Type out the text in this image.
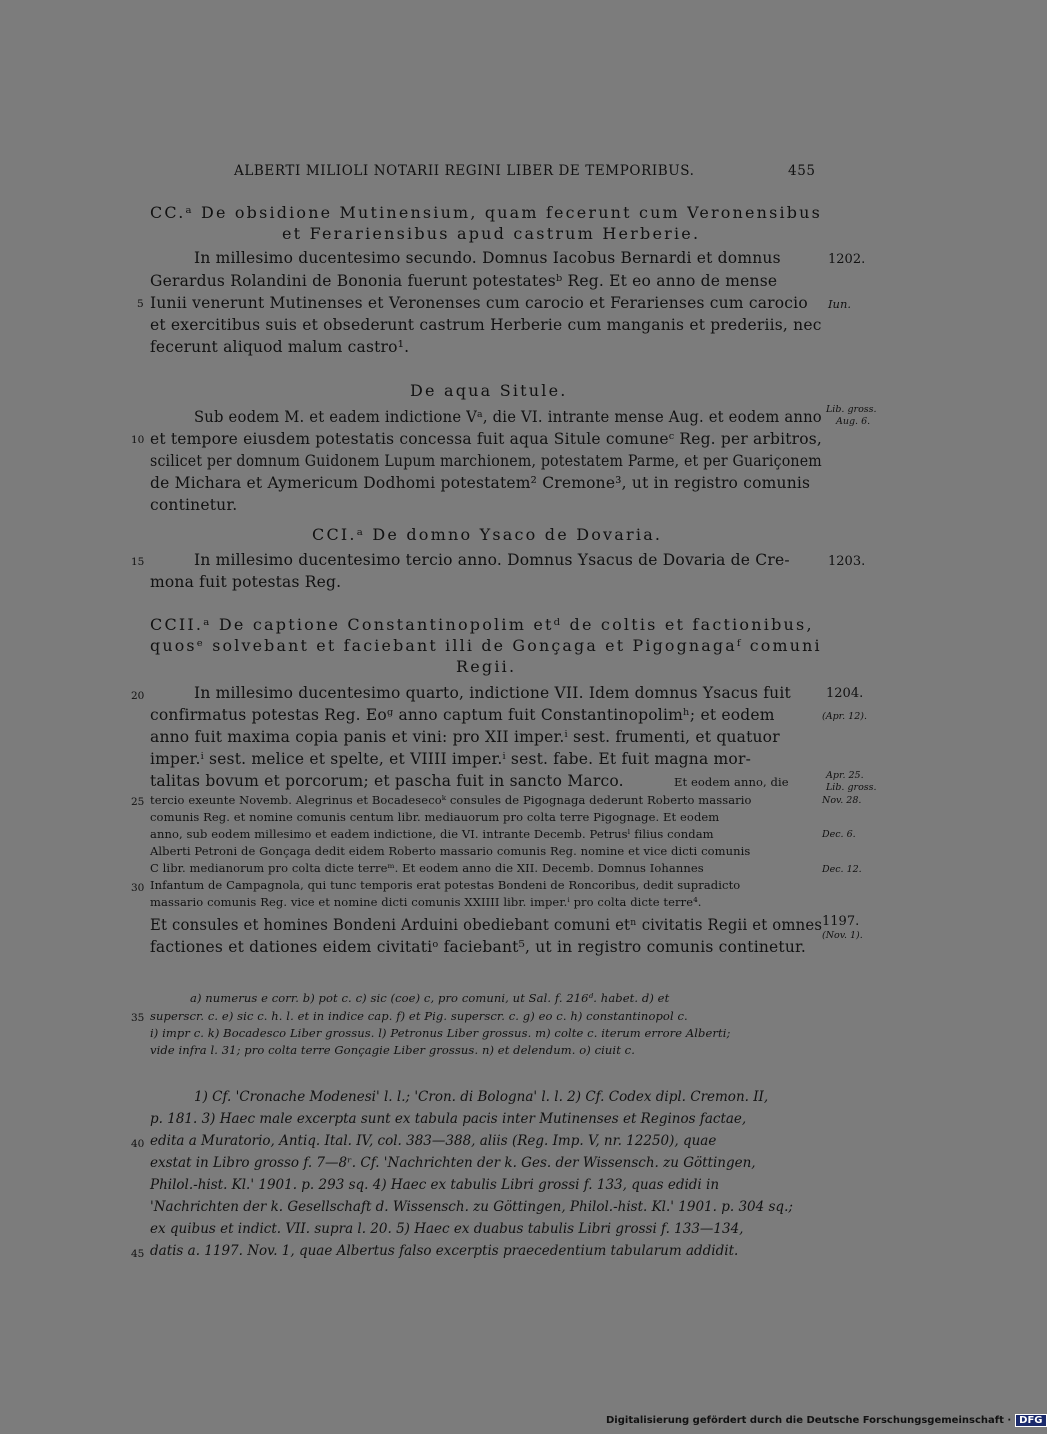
ALBERTI MILIOLI NOTARII REGINI LIBER DE TEMPORIBUS.	455
CC.ᵃ De obsidione Mutinensium, quam fecerunt cum Veronensibus
et Ferariensibus apud castrum Herberie.
In millesimo ducentesimo secundo. Domnus Iacobus Bernardi et domnus
Gerardus Rolandini de Bononia fuerunt potestatesᵇ Reg. Et eo anno de mense
Iunii venerunt Mutinenses et Veronenses cum carocio et Ferarienses cum carocio
et exercitibus suis et obsederunt castrum Herberie cum manganis et prederiis, nec
fecerunt aliquod malum castro¹.
De aqua Situle.
Sub eodem M. et eadem indictione Vᵃ, die VI. intrante mense Aug. et eodem anno
et tempore eiusdem potestatis concessa fuit aqua Situle comuneᶜ Reg. per arbitros,
scilicet per domnum Guidonem Lupum marchionem, potestatem Parme, et per Guariçonem
de Michara et Aymericum Dodhomi potestatem² Cremone³, ut in registro comunis
continetur.
CCI.ᵃ De domno Ysaco de Dovaria.
In millesimo ducentesimo tercio anno. Domnus Ysacus de Dovaria de Cre-
mona fuit potestas Reg.
CCII.ᵃ De captione Constantinopolim etᵈ de coltis et factionibus,
quosᵉ solvebant et faciebant illi de Gonçaga et Pigognagaᶠ comuni
Regii.
In millesimo ducentesimo quarto, indictione VII. Idem domnus Ysacus fuit
confirmatus potestas Reg. Eoᵍ anno captum fuit Constantinopolimʰ; et eodem
anno fuit maxima copia panis et vini: pro XII imper.ⁱ sest. frumenti, et quatuor
imper.ⁱ sest. melice et spelte, et VIIII imper.ⁱ sest. fabe. Et fuit magna mor-
talitas bovum et porcorum; et pascha fuit in sancto Marco.	Et eodem anno, die
tercio exeunte Novemb. Alegrinus et Bocadesecoᵏ consules de Pigognaga dederunt Roberto massario
comunis Reg. et nomine comunis centum libr. mediauorum pro colta terre Pigognage. Et eodem
anno, sub eodem millesimo et eadem indictione, die VI. intrante Decemb. Petrusˡ filius condam
Alberti Petroni de Gonçaga dedit eidem Roberto massario comunis Reg. nomine et vice dicti comunis
C libr. medianorum pro colta dicte terreᵐ. Et eodem anno die XII. Decemb. Domnus Iohannes
Infantum de Campagnola, qui tunc temporis erat potestas Bondeni de Roncoribus, dedit supradicto
massario comunis Reg. vice et nomine dicti comunis XXIIII libr. imper.ⁱ pro colta dicte terre⁴.
Et consules et homines Bondeni Arduini obediebant comuni etⁿ civitatis Regii et omnes
factiones et dationes eidem civitatiᵒ faciebant⁵, ut in registro comunis continetur.
1202.
Iun.
Lib. gross.
Aug. 6.
1203.
1204.
(Apr. 12).
Apr. 25.
Lib. gross.
Nov. 28.
Dec. 6.
Dec. 12.
1197.
(Nov. 1).
5
10
15
20
25
30
35
40
45
a) numerus e corr. b) pot c. c) sic (coe) c, pro comuni, ut Sal. f. 216ᵈ. habet. d) et
superscr. c. e) sic c. h. l. et in indice cap. f) et Pig. superscr. c. g) eo c. h) constantinopol c.
i) impr c. k) Bocadesco Liber grossus. l) Petronus Liber grossus. m) colte c. iterum errore Alberti;
vide infra l. 31; pro colta terre Gonçagie Liber grossus. n) et delendum. o) ciuit c.
1) Cf. 'Cronache Modenesi' l. l.; 'Cron. di Bologna' l. l. 2) Cf. Codex dipl. Cremon. II,
p. 181. 3) Haec male excerpta sunt ex tabula pacis inter Mutinenses et Reginos factae,
edita a Muratorio, Antiq. Ital. IV, col. 383—388, aliis (Reg. Imp. V, nr. 12250), quae
exstat in Libro grosso f. 7—8ʳ. Cf. 'Nachrichten der k. Ges. der Wissensch. zu Göttingen,
Philol.-hist. Kl.' 1901. p. 293 sq. 4) Haec ex tabulis Libri grossi f. 133, quas edidi in
'Nachrichten der k. Gesellschaft d. Wissensch. zu Göttingen, Philol.-hist. Kl.' 1901. p. 304 sq.;
ex quibus et indict. VII. supra l. 20. 5) Haec ex duabus tabulis Libri grossi f. 133—134,
datis a. 1197. Nov. 1, quae Albertus falso excerptis praecedentium tabularum addidit.
Digitalisierung gefördert durch die Deutsche Forschungsgemeinschaft · DFG
